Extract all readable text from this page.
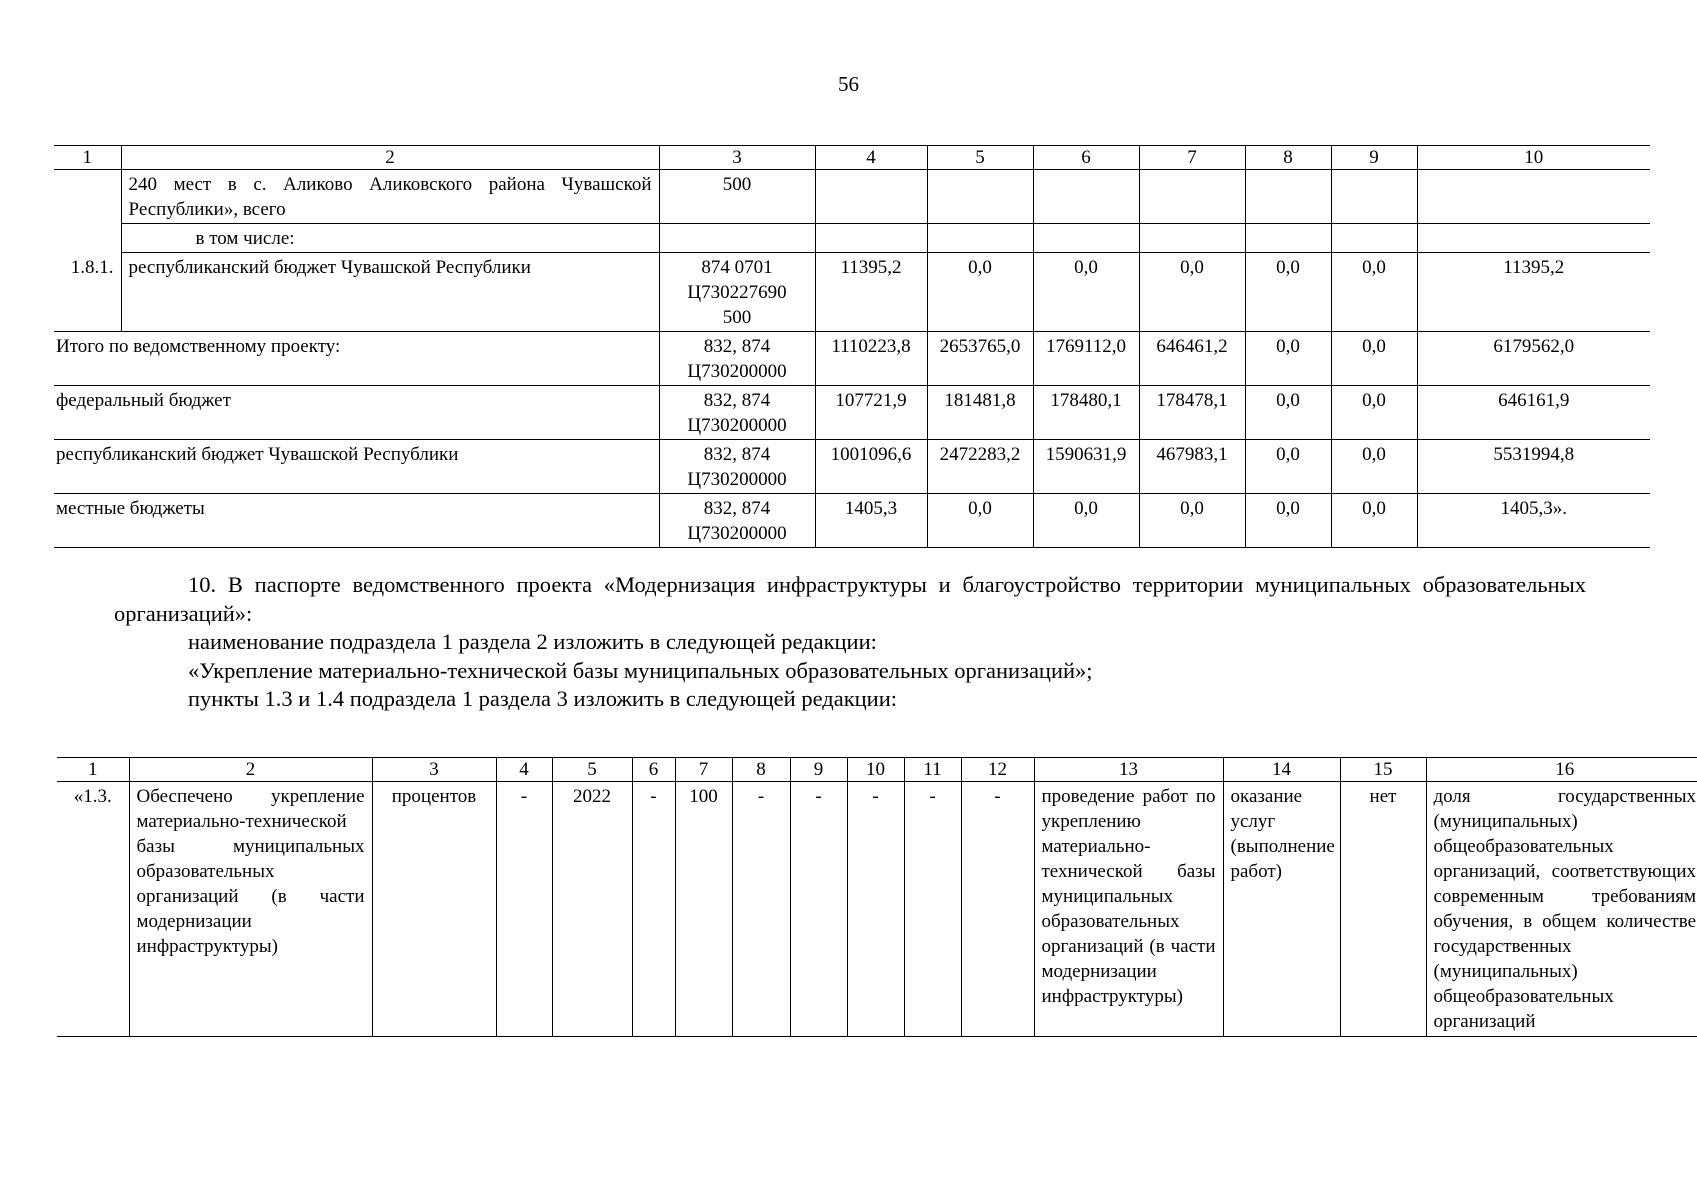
56
1	2	3	4	5	6	7	8	9	10
	240 мест в с. Аликово Аликовского района Чувашской Республики», всего	500							
	в том числе:								
1.8.1.	республиканский бюджет Чувашской Республики	874 0701 Ц730227690 500	11395,2	0,0	0,0	0,0	0,0	0,0	11395,2
Итого по ведомственному проекту:		832, 874 Ц730200000	1110223,8	2653765,0	1769112,0	646461,2	0,0	0,0	6179562,0
федеральный бюджет		832, 874 Ц730200000	107721,9	181481,8	178480,1	178478,1	0,0	0,0	646161,9
республиканский бюджет Чувашской Республики		832, 874 Ц730200000	1001096,6	2472283,2	1590631,9	467983,1	0,0	0,0	5531994,8
местные бюджеты		832, 874 Ц730200000	1405,3	0,0	0,0	0,0	0,0	0,0	1405,3».

10. В паспорте ведомственного проекта «Модернизация инфраструктуры и благоустройство территории муниципальных образовательных организаций»:

наименование подраздела 1 раздела 2 изложить в следующей редакции:

«Укрепление материально-технической базы муниципальных образовательных организаций»;

пункты 1.3 и 1.4 подраздела 1 раздела 3 изложить в следующей редакции:

1	2	3	4	5	6	7	8	9	10	11	12	13	14	15	16
«1.3.	Обеспечено укрепление материально-технической базы муниципальных образовательных организаций (в части модернизации инфраструктуры)	процентов	-	2022	-	100	-	-	-	-	-	проведение работ по укреплению материально-технической базы муниципальных образовательных организаций (в части модернизации инфраструктуры)	оказание услуг (выполнение работ)	нет	доля государственных (муниципальных) общеобразовательных организаций, соответствующих современным требованиям обучения, в общем количестве государственных (муниципальных) общеобразовательных организаций
